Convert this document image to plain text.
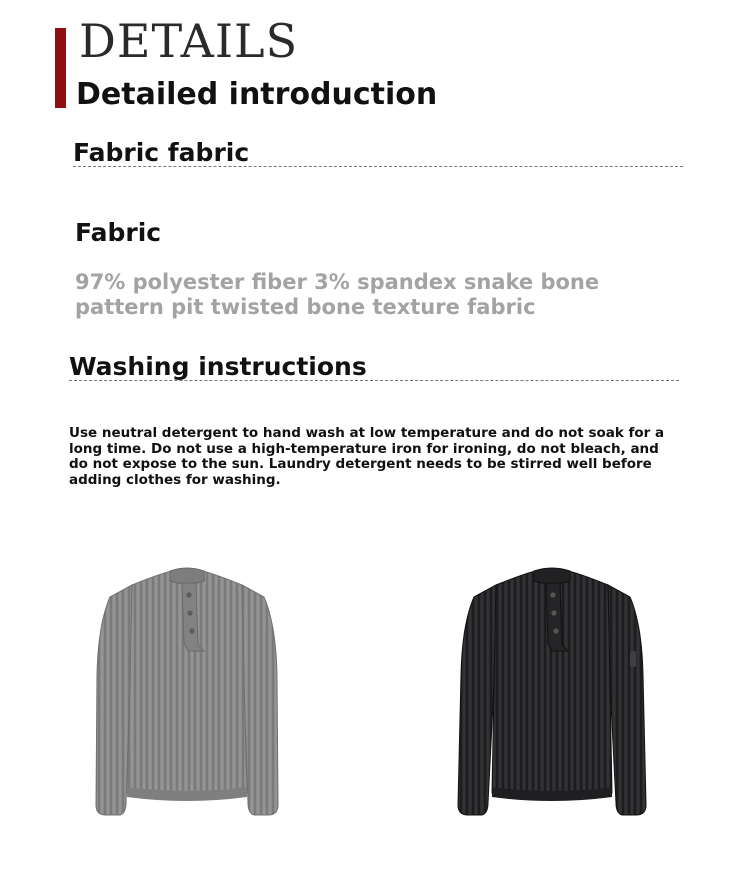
DETAILS
Detailed introduction
Fabric fabric
Fabric
97% polyester fiber 3% spandex snake bone pattern pit twisted bone texture fabric
Washing instructions
Use neutral detergent to hand wash at low temperature and do not soak for a long time. Do not use a high-temperature iron for ironing, do not bleach, and do not expose to the sun. Laundry detergent needs to be stirred well before adding clothes for washing.
